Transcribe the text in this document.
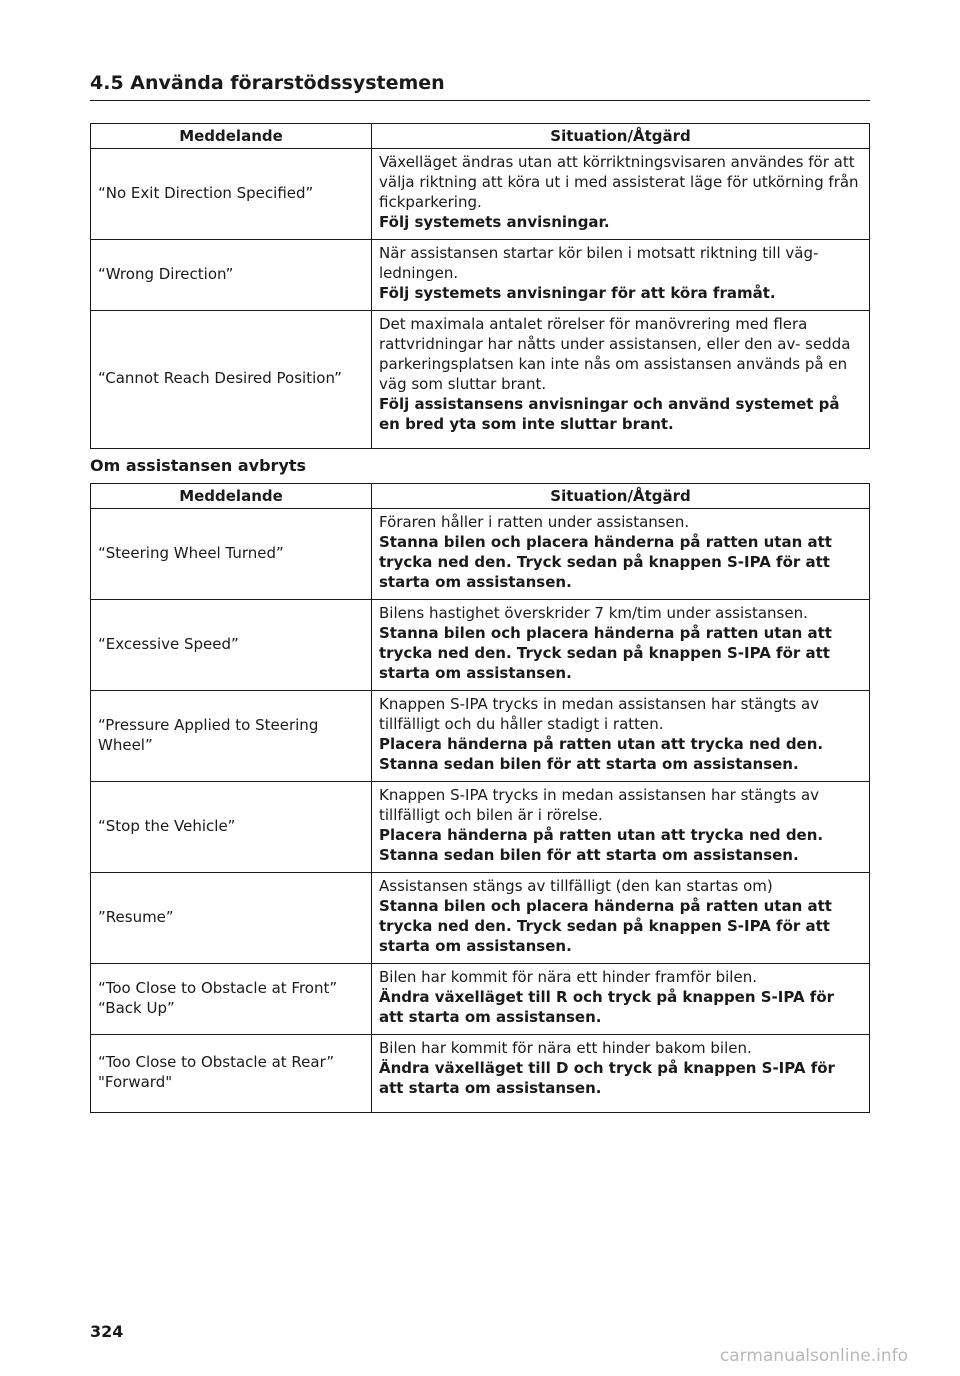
4.5 Använda förarstödssystemen
Meddelande	Situation/Åtgärd
“No Exit Direction Specified”	Växelläget ändras utan att körriktningsvisaren användes för att välja riktning att köra ut i med assisterat läge för utkörning från fickparkering.
Följ systemets anvisningar.

“Wrong Direction”	När assistansen startar kör bilen i motsatt riktning till väg- ledningen.
Följ systemets anvisningar för att köra framåt.

“Cannot Reach Desired Position”	Det maximala antalet rörelser för manövrering med flera rattvridningar har nåtts under assistansen, eller den av- sedda parkeringsplatsen kan inte nås om assistansen används på en väg som sluttar brant.
Följ assistansens anvisningar och använd systemet på en bred yta som inte sluttar brant.
Om assistansen avbryts
Meddelande	Situation/Åtgärd
“Steering Wheel Turned”	Föraren håller i ratten under assistansen.
Stanna bilen och placera händerna på ratten utan att trycka ned den. Tryck sedan på knappen S-IPA för att starta om assistansen.

“Excessive Speed”	Bilens hastighet överskrider 7 km/tim under assistansen.
Stanna bilen och placera händerna på ratten utan att trycka ned den. Tryck sedan på knappen S-IPA för att starta om assistansen.

“Pressure Applied to Steering Wheel”	Knappen S-IPA trycks in medan assistansen har stängts av tillfälligt och du håller stadigt i ratten.
Placera händerna på ratten utan att trycka ned den. Stanna sedan bilen för att starta om assistansen.

“Stop the Vehicle”	Knappen S-IPA trycks in medan assistansen har stängts av tillfälligt och bilen är i rörelse.
Placera händerna på ratten utan att trycka ned den. Stanna sedan bilen för att starta om assistansen.

”Resume”	Assistansen stängs av tillfälligt (den kan startas om)
Stanna bilen och placera händerna på ratten utan att trycka ned den. Tryck sedan på knappen S-IPA för att starta om assistansen.

“Too Close to Obstacle at Front” “Back Up”	Bilen har kommit för nära ett hinder framför bilen.
Ändra växelläget till R och tryck på knappen S-IPA för att starta om assistansen.

“Too Close to Obstacle at Rear” "Forward"	Bilen har kommit för nära ett hinder bakom bilen.
Ändra växelläget till D och tryck på knappen S-IPA för att starta om assistansen.
324
carmanualsonline.info
